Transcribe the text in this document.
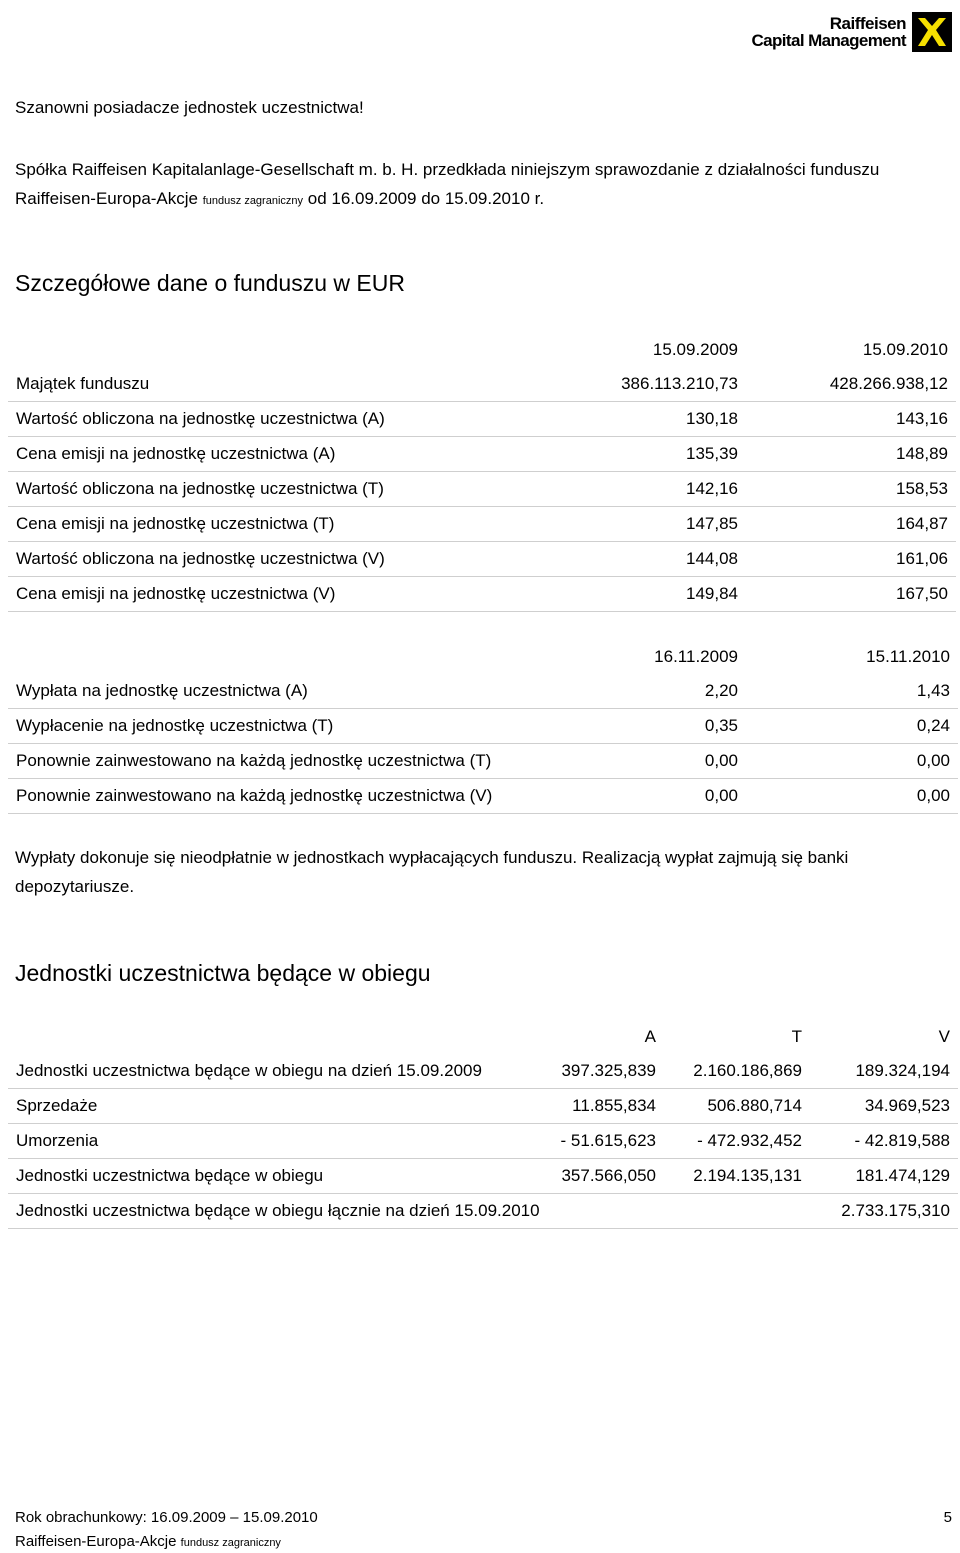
Raiffeisen
Capital Management
Szanowni posiadacze jednostek uczestnictwa!
Spółka Raiffeisen Kapitalanlage-Gesellschaft m. b. H. przedkłada niniejszym sprawozdanie z działalności funduszu
Raiffeisen-Europa-Akcje fundusz zagraniczny od 16.09.2009 do 15.09.2010 r.
Szczegółowe dane o funduszu w EUR
	15.09.2009	15.09.2010
Majątek funduszu	386.113.210,73	428.266.938,12
Wartość obliczona na jednostkę uczestnictwa (A)	130,18	143,16
Cena emisji na jednostkę uczestnictwa (A)	135,39	148,89
Wartość obliczona na jednostkę uczestnictwa (T)	142,16	158,53
Cena emisji na jednostkę uczestnictwa (T)	147,85	164,87
Wartość obliczona na jednostkę uczestnictwa (V)	144,08	161,06
Cena emisji na jednostkę uczestnictwa (V)	149,84	167,50
	16.11.2009	15.11.2010
Wypłata na jednostkę uczestnictwa (A)	2,20	1,43
Wypłacenie na jednostkę uczestnictwa (T)	0,35	0,24
Ponownie zainwestowano na każdą jednostkę uczestnictwa (T)	0,00	0,00
Ponownie zainwestowano na każdą jednostkę uczestnictwa (V)	0,00	0,00
Wypłaty dokonuje się nieodpłatnie w jednostkach wypłacających funduszu. Realizacją wypłat zajmują się banki
depozytariusze.
Jednostki uczestnictwa będące w obiegu
	A	T	V
Jednostki uczestnictwa będące w obiegu na dzień 15.09.2009	397.325,839	2.160.186,869	189.324,194
Sprzedaże	11.855,834	506.880,714	34.969,523
Umorzenia	- 51.615,623	- 472.932,452	- 42.819,588
Jednostki uczestnictwa będące w obiegu	357.566,050	2.194.135,131	181.474,129
Jednostki uczestnictwa będące w obiegu łącznie na dzień 15.09.2010			2.733.175,310
Rok obrachunkowy: 16.09.2009 – 15.09.2010	5
Raiffeisen-Europa-Akcje fundusz zagraniczny
